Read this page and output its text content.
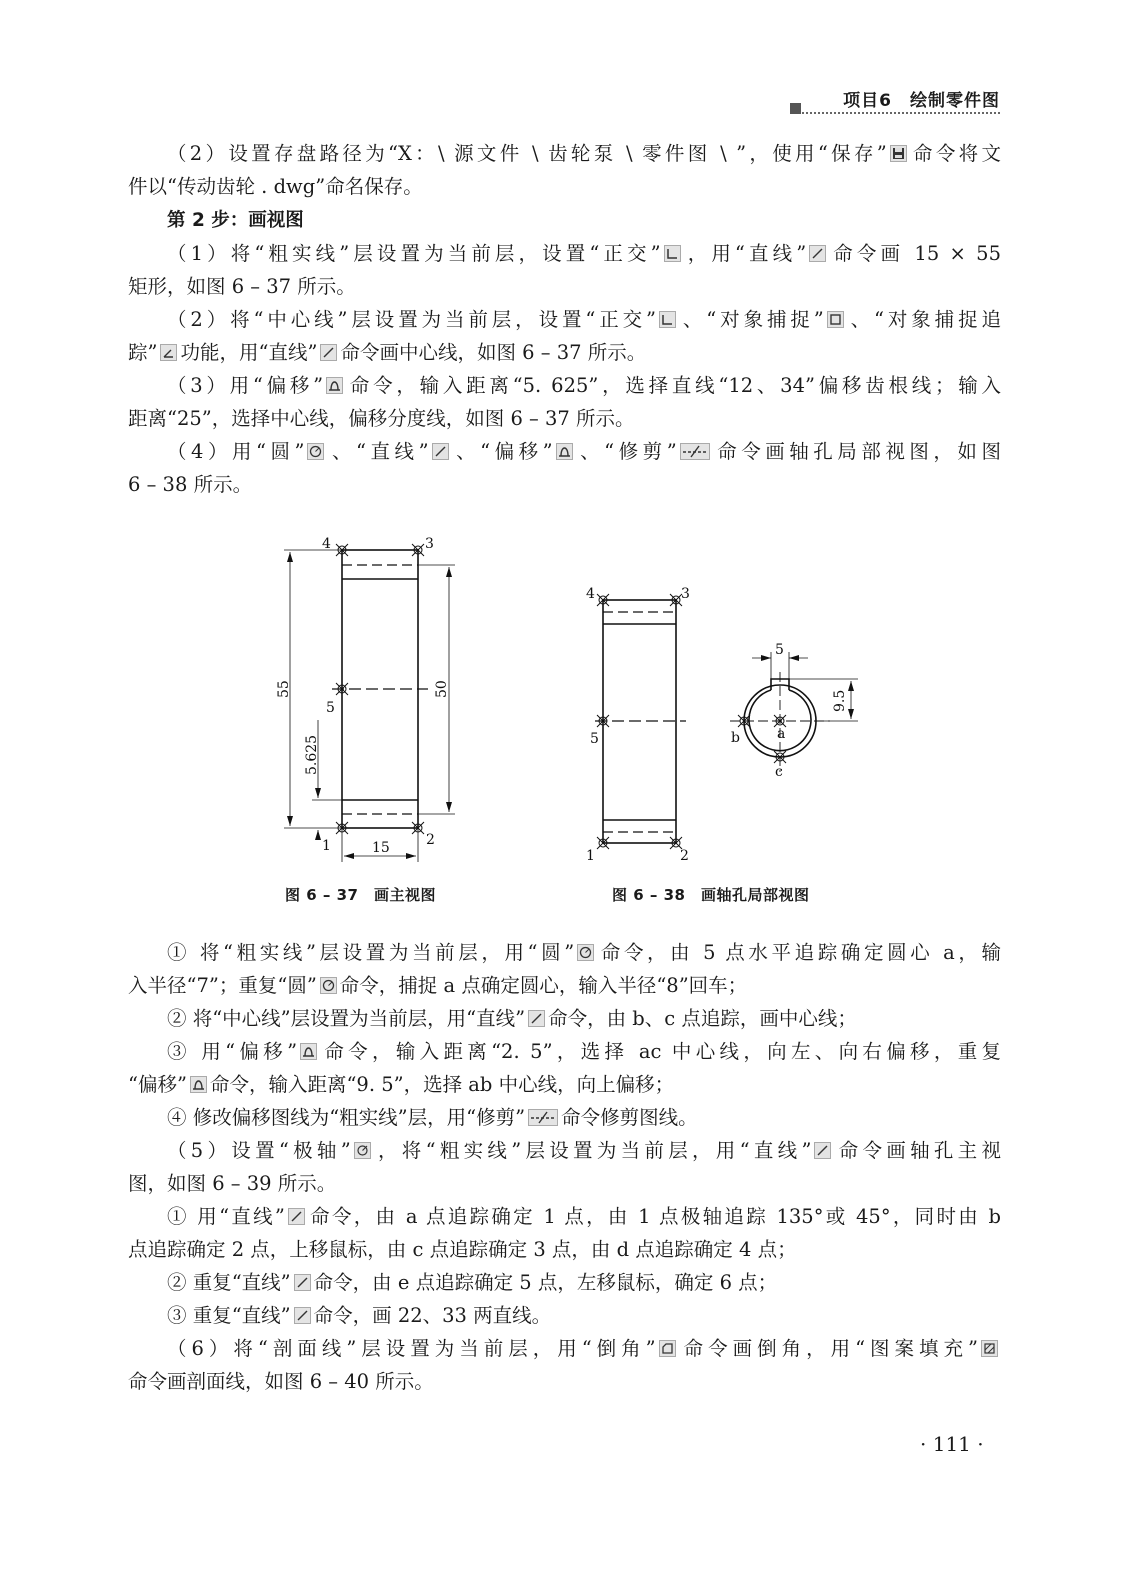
项目6　绘制零件图

（2）设置存盘路径为“X：\ 源文件 \ 齿轮泵 \ 零件图 \ ”，使用“保存” 命令将文

件以“传动齿轮 . dwg”命名保存。

第 2 步：画视图

（1）将“粗实线”层设置为当前层，设置“正交” ，用“直线” 命令画 15 × 55

矩形，如图 6 – 37 所示。

（2）将“中心线”层设置为当前层，设置“正交” 、“对象捕捉” 、“对象捕捉追

踪” 功能，用“直线” 命令画中心线，如图 6 – 37 所示。

（3）用“偏移” 命令，输入距离“5. 625”，选择直线“12、34”偏移齿根线；输入

距离“25”，选择中心线，偏移分度线，如图 6 – 37 所示。

（4）用“圆” 、“直线” 、“偏移” 、“修剪” 命令画轴孔局部视图，如图

6 – 38 所示。

4	3
5
1	2
55	50
5.625
15
4	3
5
1	2
a
b
c
5
9.5
图 6 – 37　画主视图	图 6 – 38　画轴孔局部视图

① 将“粗实线”层设置为当前层，用“圆” 命令，由 5 点水平追踪确定圆心 a，输

入半径“7”；重复“圆” 命令，捕捉 a 点确定圆心，输入半径“8”回车；

② 将“中心线”层设置为当前层，用“直线” 命令，由 b、c 点追踪，画中心线；

③ 用“偏移” 命令，输入距离“2. 5”，选择 ac 中心线，向左、向右偏移，重复

“偏移” 命令，输入距离“9. 5”，选择 ab 中心线，向上偏移；

④ 修改偏移图线为“粗实线”层，用“修剪” 命令修剪图线。

（5）设置“极轴” ，将“粗实线”层设置为当前层，用“直线” 命令画轴孔主视

图，如图 6 – 39 所示。

① 用“直线” 命令，由 a 点追踪确定 1 点，由 1 点极轴追踪 135°或 45°，同时由 b

点追踪确定 2 点，上移鼠标，由 c 点追踪确定 3 点，由 d 点追踪确定 4 点；

② 重复“直线” 命令，由 e 点追踪确定 5 点，左移鼠标，确定 6 点；

③ 重复“直线” 命令，画 22、33 两直线。

（6）将“剖面线”层设置为当前层，用“倒角” 命令画倒角，用“图案填充”

命令画剖面线，如图 6 – 40 所示。

· 111 ·
